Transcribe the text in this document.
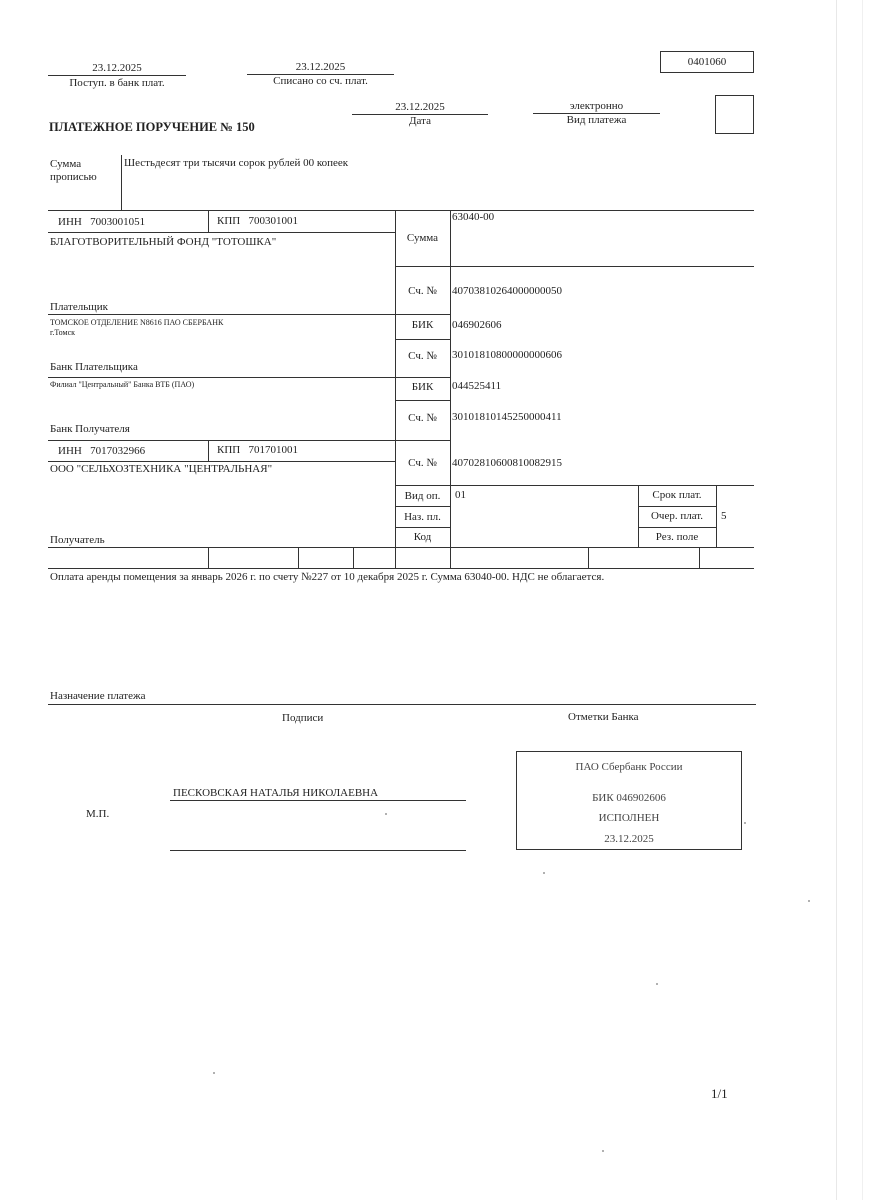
23.12.2025
Поступ. в банк плат.
23.12.2025
Списано со сч. плат.
0401060
ПЛАТЕЖНОЕ ПОРУЧЕНИЕ № 150
23.12.2025
Дата
электронно
Вид платежа
Сумма
прописью
Шестьдесят три тысячи сорок рублей 00 копеек
ИНН 7003001051	КПП 700301001
БЛАГОТВОРИТЕЛЬНЫЙ ФОНД "ТОТОШКА"
Плательщик
Сумма
63040-00
Сч. №	40703810264000000050
ТОМСКОЕ ОТДЕЛЕНИЕ N8616 ПАО СБЕРБАНК
г.Томск
Банк Плательщика
БИК	046902606
Сч. №	30101810800000000606
Филиал "Центральный" Банка ВТБ (ПАО)
Банк Получателя
БИК	044525411
Сч. №	30101810145250000411
ИНН 7017032966	КПП 701701001
ООО "СЕЛЬХОЗТЕХНИКА "ЦЕНТРАЛЬНАЯ"
Получатель
Сч. №	40702810600810082915
Вид оп.	01
Наз. пл.
Код
Срок плат.
Очер. плат.	5
Рез. поле
Оплата аренды помещения за январь 2026 г. по счету №227 от 10 декабря 2025 г. Сумма 63040-00. НДС не облагается.
Назначение платежа
Подписи	Отметки Банка
М.П.
ПЕСКОВСКАЯ НАТАЛЬЯ НИКОЛАЕВНА
ПАО Сбербанк России
БИК 046902606
ИСПОЛНЕН
23.12.2025
1/1
